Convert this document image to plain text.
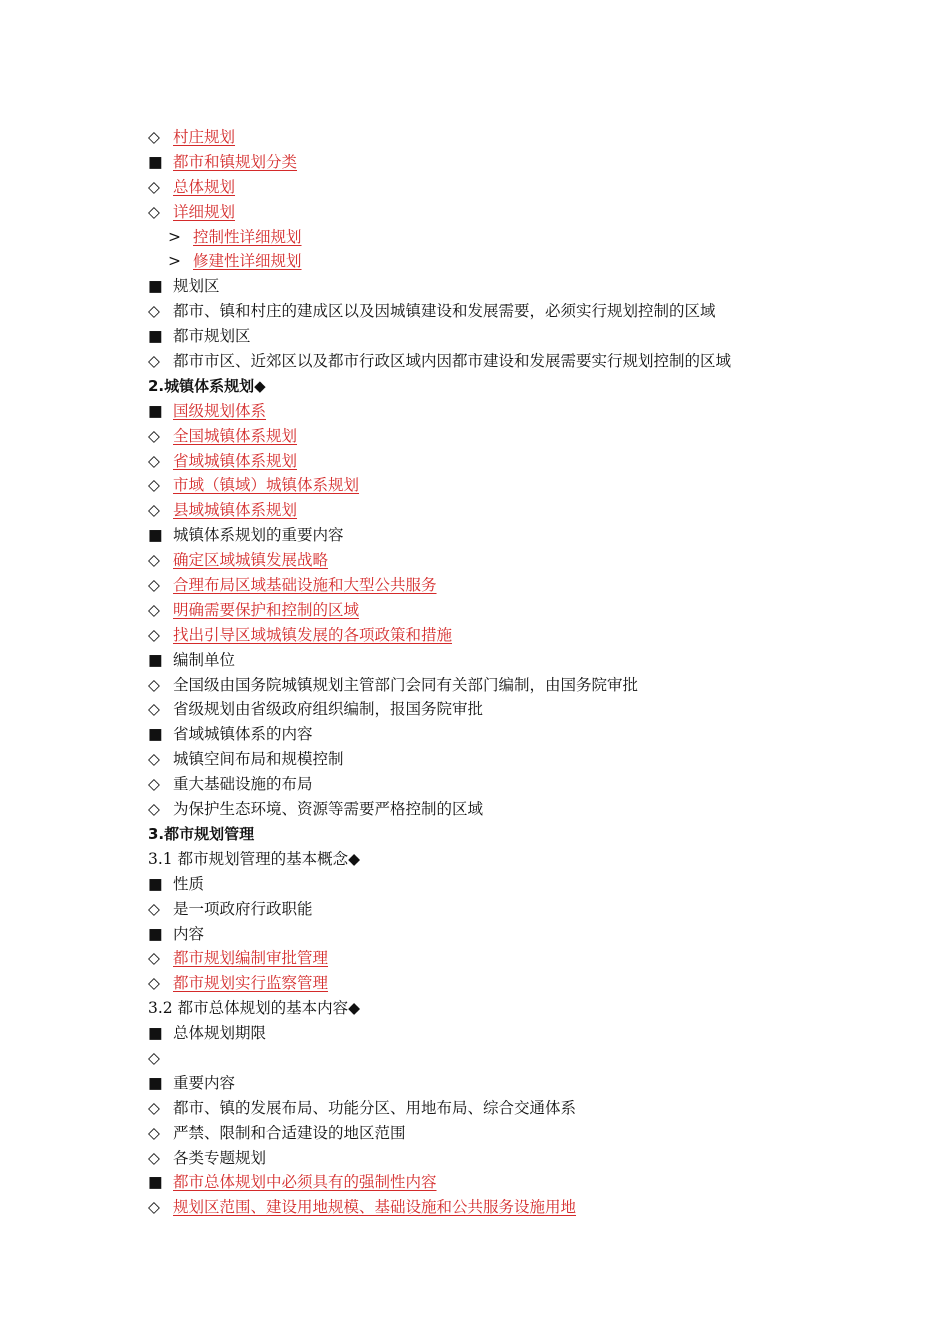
◇ 村庄规划
■ 都市和镇规划分类
◇ 总体规划
◇ 详细规划
> 控制性详细规划
> 修建性详细规划
■ 规划区
◇ 都市、镇和村庄的建成区以及因城镇建设和发展需要，必须实行规划控制的区域
■ 都市规划区
◇ 都市市区、近郊区以及都市行政区域内因都市建设和发展需要实行规划控制的区域
2.城镇体系规划◆
■ 国级规划体系
◇ 全国城镇体系规划
◇ 省域城镇体系规划
◇ 市域（镇域）城镇体系规划
◇ 县域城镇体系规划
■ 城镇体系规划的重要内容
◇ 确定区域城镇发展战略
◇ 合理布局区域基础设施和大型公共服务
◇ 明确需要保护和控制的区域
◇ 找出引导区域城镇发展的各项政策和措施
■ 编制单位
◇ 全国级由国务院城镇规划主管部门会同有关部门编制，由国务院审批
◇ 省级规划由省级政府组织编制，报国务院审批
■ 省域城镇体系的内容
◇ 城镇空间布局和规模控制
◇ 重大基础设施的布局
◇ 为保护生态环境、资源等需要严格控制的区域
3.都市规划管理
3.1 都市规划管理的基本概念◆
■ 性质
◇ 是一项政府行政职能
■ 内容
◇ 都市规划编制审批管理
◇ 都市规划实行监察管理
3.2 都市总体规划的基本内容◆
■ 总体规划期限
◇
■ 重要内容
◇ 都市、镇的发展布局、功能分区、用地布局、综合交通体系
◇ 严禁、限制和合适建设的地区范围
◇ 各类专题规划
■ 都市总体规划中必须具有的强制性内容
◇ 规划区范围、建设用地规模、基础设施和公共服务设施用地
